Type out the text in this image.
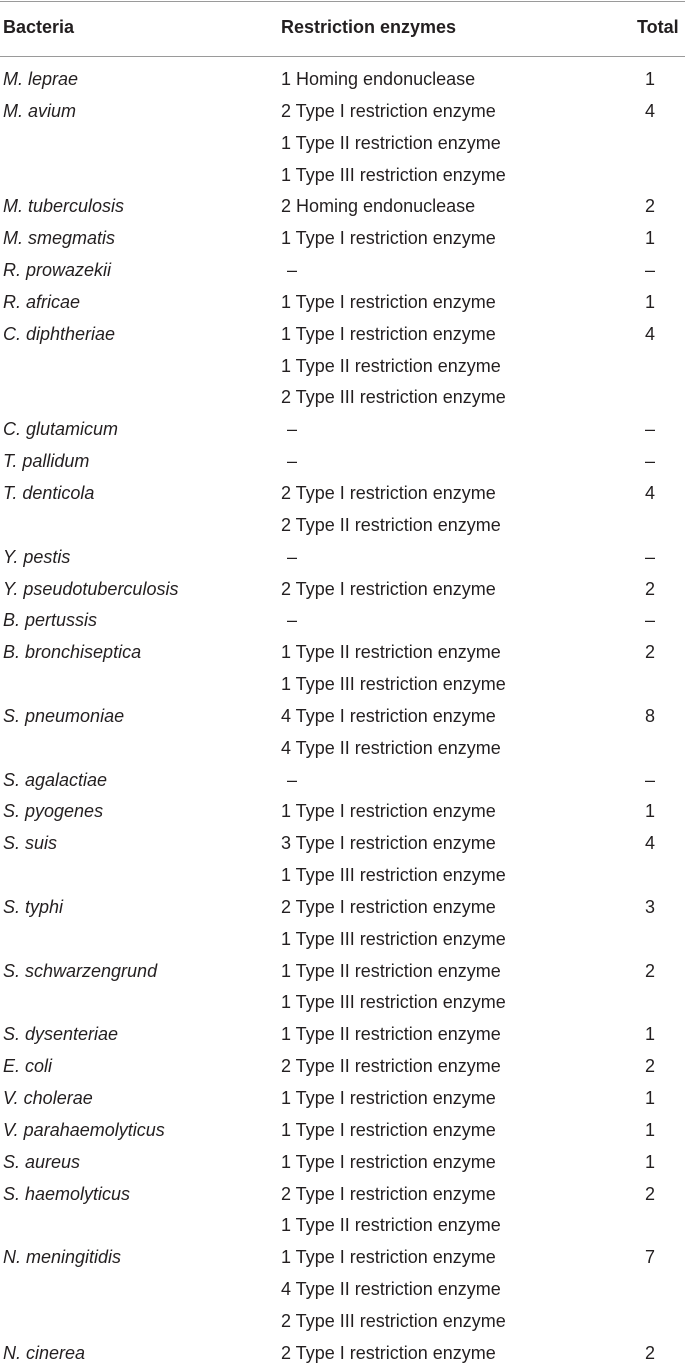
Bacteria	Restriction enzymes	Total
M. leprae	1 Homing endonuclease	1
M. avium	2 Type I restriction enzyme	4
1 Type II restriction enzyme
1 Type III restriction enzyme
M. tuberculosis	2 Homing endonuclease	2
M. smegmatis	1 Type I restriction enzyme	1
R. prowazekii	–	–
R. africae	1 Type I restriction enzyme	1
C. diphtheriae	1 Type I restriction enzyme	4
1 Type II restriction enzyme
2 Type III restriction enzyme
C. glutamicum	–	–
T. pallidum	–	–
T. denticola	2 Type I restriction enzyme	4
2 Type II restriction enzyme
Y. pestis	–	–
Y. pseudotuberculosis	2 Type I restriction enzyme	2
B. pertussis	–	–
B. bronchiseptica	1 Type II restriction enzyme	2
1 Type III restriction enzyme
S. pneumoniae	4 Type I restriction enzyme	8
4 Type II restriction enzyme
S. agalactiae	–	–
S. pyogenes	1 Type I restriction enzyme	1
S. suis	3 Type I restriction enzyme	4
1 Type III restriction enzyme
S. typhi	2 Type I restriction enzyme	3
1 Type III restriction enzyme
S. schwarzengrund	1 Type II restriction enzyme	2
1 Type III restriction enzyme
S. dysenteriae	1 Type II restriction enzyme	1
E. coli	2 Type II restriction enzyme	2
V. cholerae	1 Type I restriction enzyme	1
V. parahaemolyticus	1 Type I restriction enzyme	1
S. aureus	1 Type I restriction enzyme	1
S. haemolyticus	2 Type I restriction enzyme	2
1 Type II restriction enzyme
N. meningitidis	1 Type I restriction enzyme	7
4 Type II restriction enzyme
2 Type III restriction enzyme
N. cinerea	2 Type I restriction enzyme	2
